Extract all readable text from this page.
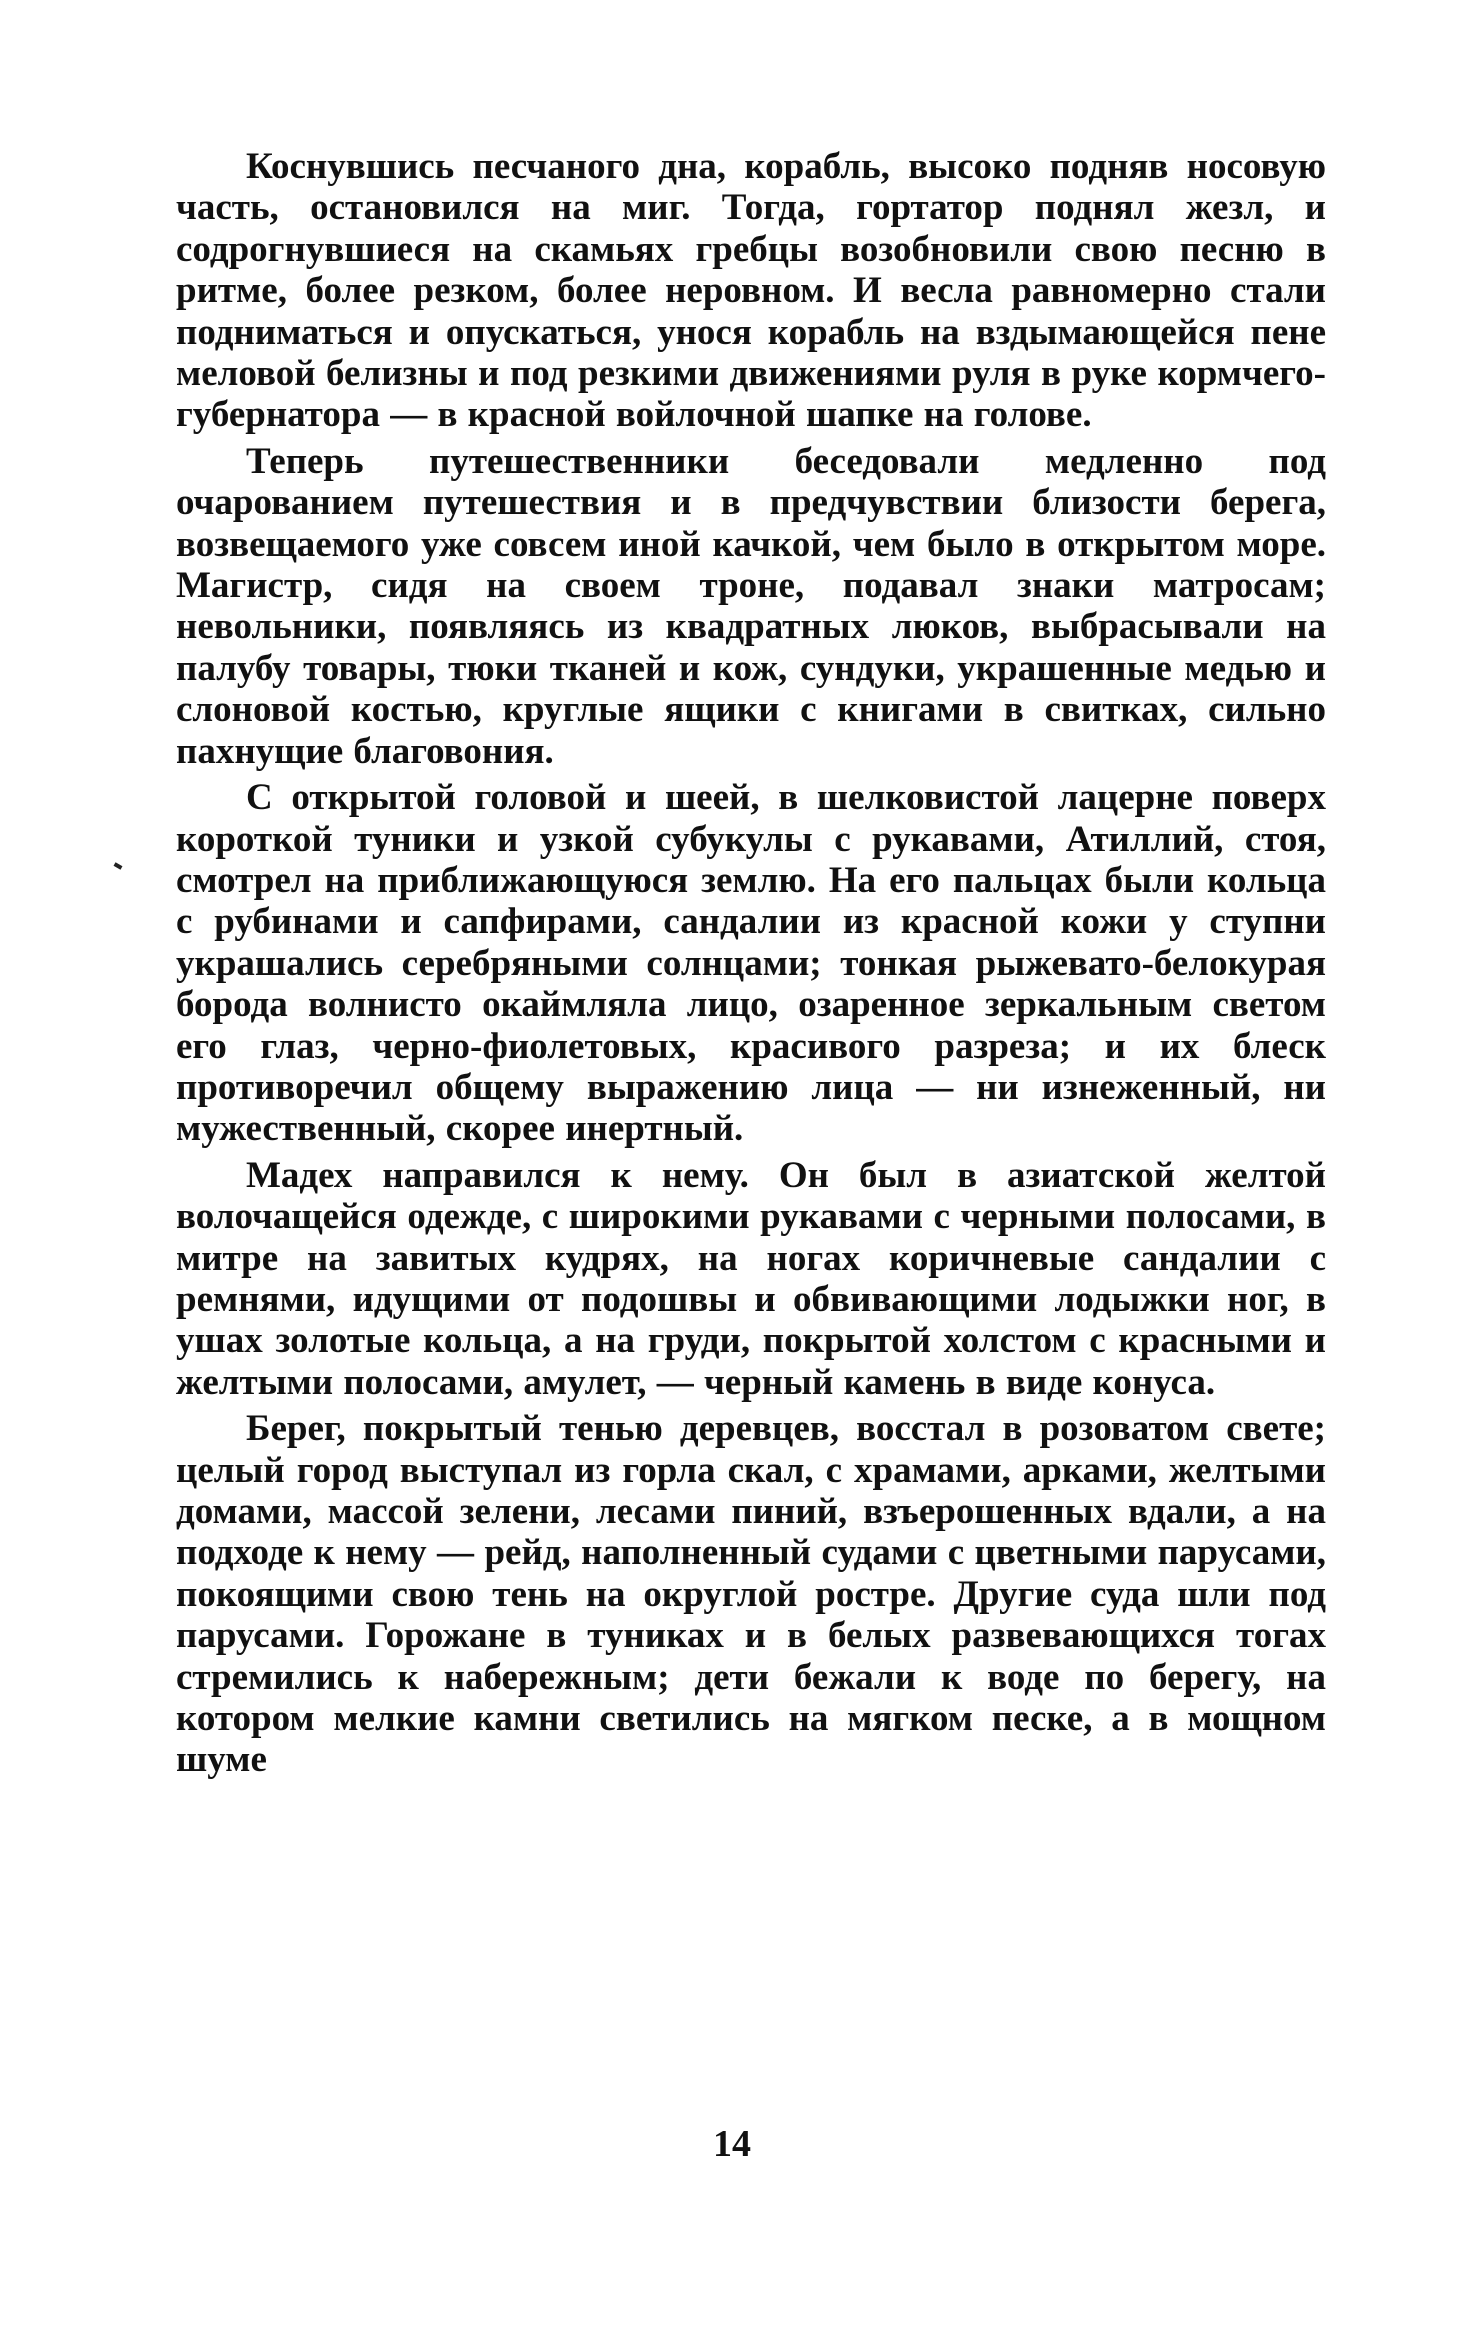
Коснувшись песчаного дна, корабль, высоко подняв носовую часть, остановился на миг. Тогда, гортатор поднял жезл, и содрогнувшиеся на скамьях гребцы возобновили свою песню в ритме, более резком, более неровном. И весла равномерно стали подниматься и опускаться, унося корабль на вздымающейся пене меловой белизны и под резкими движениями руля в руке кормчего-губернатора — в красной войлочной шапке на голове.

Теперь путешественники беседовали медленно под очарованием путешествия и в предчувствии близости берега, возвещаемого уже совсем иной качкой, чем было в открытом море. Магистр, сидя на своем троне, подавал знаки матросам; невольники, появляясь из квадратных люков, выбрасывали на палубу товары, тюки тканей и кож, сундуки, украшенные медью и слоновой костью, круглые ящики с книгами в свитках, сильно пахнущие благовония.

С открытой головой и шеей, в шелковистой лацерне поверх короткой туники и узкой субукулы с рукавами, Атиллий, стоя, смотрел на приближающуюся землю. На его пальцах были кольца с рубинами и сапфирами, сандалии из красной кожи у ступни украшались серебряными солнцами; тонкая рыжевато-белокурая борода волнисто окаймляла лицо, озаренное зеркальным светом его глаз, черно-фиолетовых, красивого разреза; и их блеск противоречил общему выражению лица — ни изнеженный, ни мужественный, скорее инертный.

Мадех направился к нему. Он был в азиатской желтой волочащейся одежде, с широкими рукавами с черными полосами, в митре на завитых кудрях, на ногах коричневые сандалии с ремнями, идущими от подошвы и обвивающими лодыжки ног, в ушах золотые кольца, а на груди, покрытой холстом с красными и желтыми полосами, амулет, — черный камень в виде конуса.

Берег, покрытый тенью деревцев, восстал в розоватом свете; целый город выступал из горла скал, с храмами, арками, желтыми домами, массой зелени, лесами пиний, взъерошенных вдали, а на подходе к нему — рейд, наполненный судами с цветными парусами, покоящими свою тень на округлой ростре. Другие суда шли под парусами. Горожане в туниках и в белых развевающихся тогах стремились к набережным; дети бежали к воде по берегу, на котором мелкие камни светились на мягком песке, а в мощном шуме

14
